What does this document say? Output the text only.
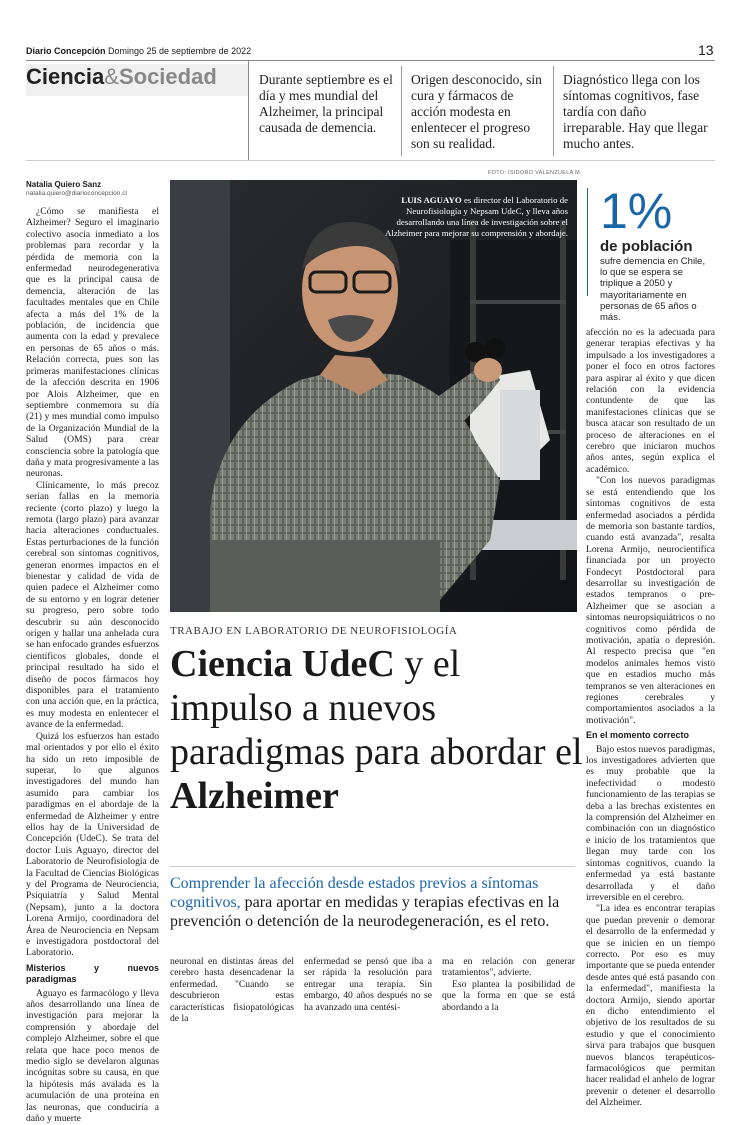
Diario Concepción Domingo 25 de septiembre de 2022	13
Ciencia&Sociedad	Durante septiembre es el día y mes mundial del Alzheimer, la principal causada de demencia.
Origen desconocido, sin cura y fármacos de acción modesta en enlentecer el progreso son su realidad.
Diagnóstico llega con los síntomas cognitivos, fase tardía con daño irreparable. Hay que llegar mucho antes.
Natalia Quiero Sanz
natalia.quiero@diarioconcepcion.cl

¿Cómo se manifiesta el Alzheimer? Seguro el imaginario colectivo asocia inmediato a los problemas para recordar y la pérdida de memoria con la enfermedad neurodegenerativa que es la principal causa de demencia, alteración de las facultades mentales que en Chile afecta a más del 1% de la población, de incidencia que aumenta con la edad y prevalece en personas de 65 años o más. Relación correcta, pues son las primeras manifestaciones clínicas de la afección descrita en 1906 por Alois Alzheimer, que en septiembre conmemora su día (21) y mes mundial como impulso de la Organización Mundial de la Salud (OMS) para crear consciencia sobre la patología que daña y mata progresivamente a las neuronas.

Clínicamente, lo más precoz serían fallas en la memoria reciente (corto plazo) y luego la remota (largo plazo) para avanzar hacia alteraciones conductuales. Estas perturbaciones de la función cerebral son síntomas cognitivos, generan enormes impactos en el bienestar y calidad de vida de quien padece el Alzheimer como de su entorno y en lograr detener su progreso, pero sobre todo descubrir su aún desconocido origen y hallar una anhelada cura se han enfocado grandes esfuerzos científicos globales, donde el principal resultado ha sido el diseño de pocos fármacos hoy disponibles para el tratamiento con una acción que, en la práctica, es muy modesta en enlentecer el avance de la enfermedad.

Quizá los esfuerzos han estado mal orientados y por ello el éxito ha sido un reto imposible de superar, lo que algunos investigadores del mundo han asumido para cambiar los paradigmas en el abordaje de la enfermedad de Alzheimer y entre ellos hay de la Universidad de Concepción (UdeC). Se trata del doctor Luis Aguayo, director del Laboratorio de Neurofisiología de la Facultad de Ciencias Biológicas y del Programa de Neurociencia, Psiquiatría y Salud Mental (Nepsam), junto a la doctora Lorena Armijo, coordinadora del Área de Neurociencia en Nepsam e investigadora postdoctoral del Laboratorio.

Misterios y nuevos paradigmas

Aguayo es farmacólogo y lleva años desarrollando una línea de investigación para mejorar la comprensión y abordaje del complejo Alzheimer, sobre el que relata que hace poco menos de medio siglo se develaron algunas incógnitas sobre su causa, en que la hipótesis más avalada es la acumulación de una proteína en las neuronas, que conduciría a daño y muerte

FOTO: ISIDORO VALENZUELA M.
LUIS AGUAYO es director del Laboratorio de Neurofisiología y Nepsam UdeC, y lleva años desarrollando una línea de investigación sobre el Alzheimer para mejorar su comprensión y abordaje. 1%
de población
sufre demencia en Chile, lo que se espera se triplique a 2050 y mayoritariamente en personas de 65 años o más.
TRABAJO EN LABORATORIO DE NEUROFISIOLOGÍA
Ciencia UdeC y el impulso a nuevos paradigmas para abordar el Alzheimer
Comprender la afección desde estados previos a síntomas cognitivos, para aportar en medidas y terapias efectivas en la prevención o detención de la neurodegeneración, es el reto.

neuronal en distintas áreas del cerebro hasta desencadenar la enfermedad. "Cuando se descubrieron estas características fisiopatológicas de la

enfermedad se pensó que iba a ser rápida la resolución para entregar una terapia. Sin embargo, 40 años después no se ha avanzado una centési-

ma en relación con generar tratamientos", advierte.

Eso plantea la posibilidad de que la forma en que se está abordando a la

afección no es la adecuada para generar terapias efectivas y ha impulsado a los investigadores a poner el foco en otros factores para aspirar al éxito y que dicen relación con la evidencia contundente de que las manifestaciones clínicas que se busca atacar son resultado de un proceso de alteraciones en el cerebro que iniciaron muchos años antes, según explica el académico.

"Con los nuevos paradigmas se está entendiendo que los síntomas cognitivos de esta enfermedad asociados a pérdida de memoria son bastante tardíos, cuando está avanzada", resalta Lorena Armijo, neurocientífica financiada por un proyecto Fondecyt Postdoctoral para desarrollar su investigación de estados tempranos o pre-Alzheimer que se asocian a síntomas neuropsiquiátricos o no cognitivos como pérdida de motivación, apatía o depresión. Al respecto precisa que "en modelos animales hemos visto que en estadios mucho más tempranos se ven alteraciones en regiones cerebrales y comportamientos asociados a la motivación".

En el momento correcto

Bajo estos nuevos paradigmas, los investigadores advierten que es muy probable que la inefectividad o modesto funcionamiento de las terapias se deba a las brechas existentes en la comprensión del Alzheimer en combinación con un diagnóstico e inicio de los tratamientos que llegan muy tarde con los síntomas cognitivos, cuando la enfermedad ya está bastante desarrollada y el daño irreversible en el cerebro.

"La idea es encontrar terapias que puedan prevenir o demorar el desarrollo de la enfermedad y que se inicien en un tiempo correcto. Por eso es muy importante que se pueda entender desde antes qué está pasando con la enfermedad", manifiesta la doctora Armijo, siendo aportar en dicho entendimiento el objetivo de los resultados de su estudio y que el conocimiento sirva para trabajos que busquen nuevos blancos terapéuticos-farmacológicos que permitan hacer realidad el anhelo de lograr prevenir o detener el desarrollo del Alzheimer.
